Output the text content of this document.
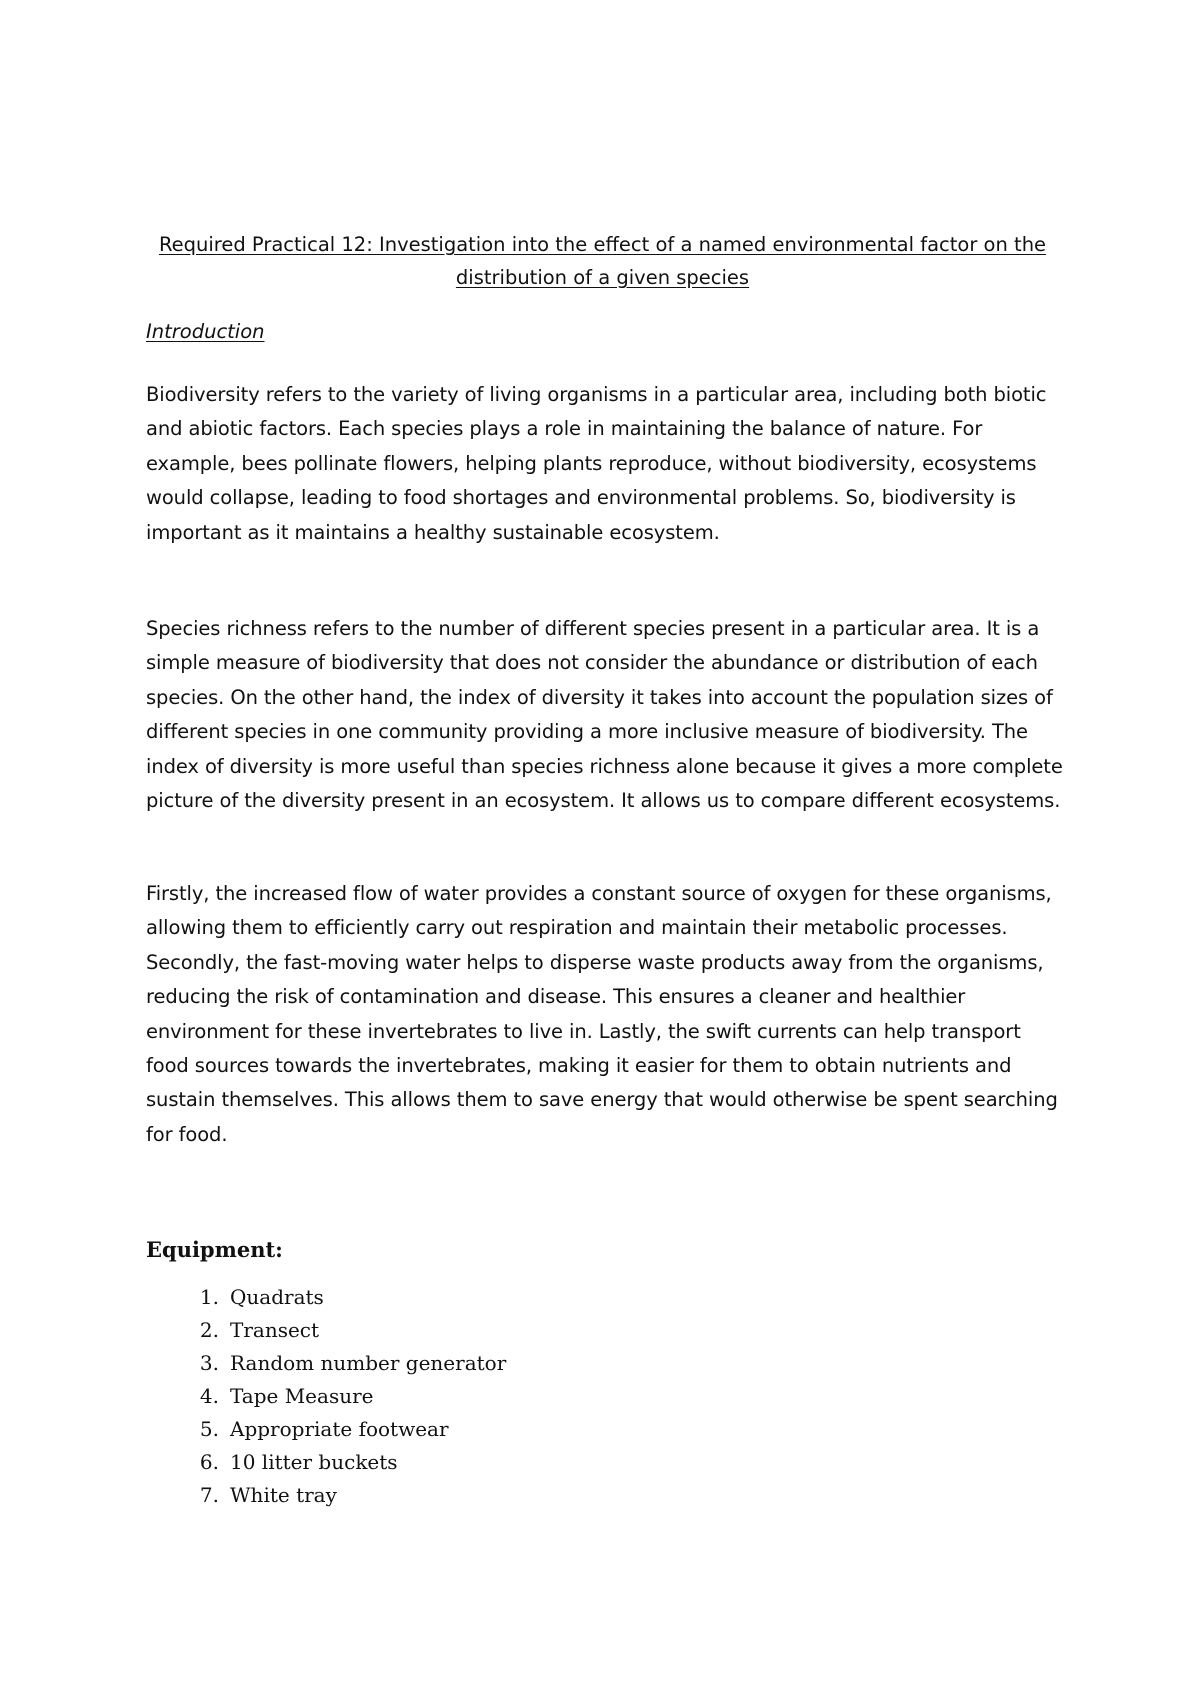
Required Practical 12: Investigation into the effect of a named environmental factor on the distribution of a given species
Introduction

Biodiversity refers to the variety of living organisms in a particular area, including both biotic and abiotic factors. Each species plays a role in maintaining the balance of nature. For example, bees pollinate flowers, helping plants reproduce, without biodiversity, ecosystems would collapse, leading to food shortages and environmental problems. So, biodiversity is important as it maintains a healthy sustainable ecosystem.

Species richness refers to the number of different species present in a particular area. It is a simple measure of biodiversity that does not consider the abundance or distribution of each species. On the other hand, the index of diversity it takes into account the population sizes of different species in one community providing a more inclusive measure of biodiversity. The index of diversity is more useful than species richness alone because it gives a more complete picture of the diversity present in an ecosystem. It allows us to compare different ecosystems.

Firstly, the increased flow of water provides a constant source of oxygen for these organisms, allowing them to efficiently carry out respiration and maintain their metabolic processes. Secondly, the fast-moving water helps to disperse waste products away from the organisms, reducing the risk of contamination and disease. This ensures a cleaner and healthier environment for these invertebrates to live in. Lastly, the swift currents can help transport food sources towards the invertebrates, making it easier for them to obtain nutrients and sustain themselves. This allows them to save energy that would otherwise be spent searching for food.

Equipment:
1. Quadrats
2. Transect
3. Random number generator
4. Tape Measure
5. Appropriate footwear
6. 10 litter buckets
7. White tray
